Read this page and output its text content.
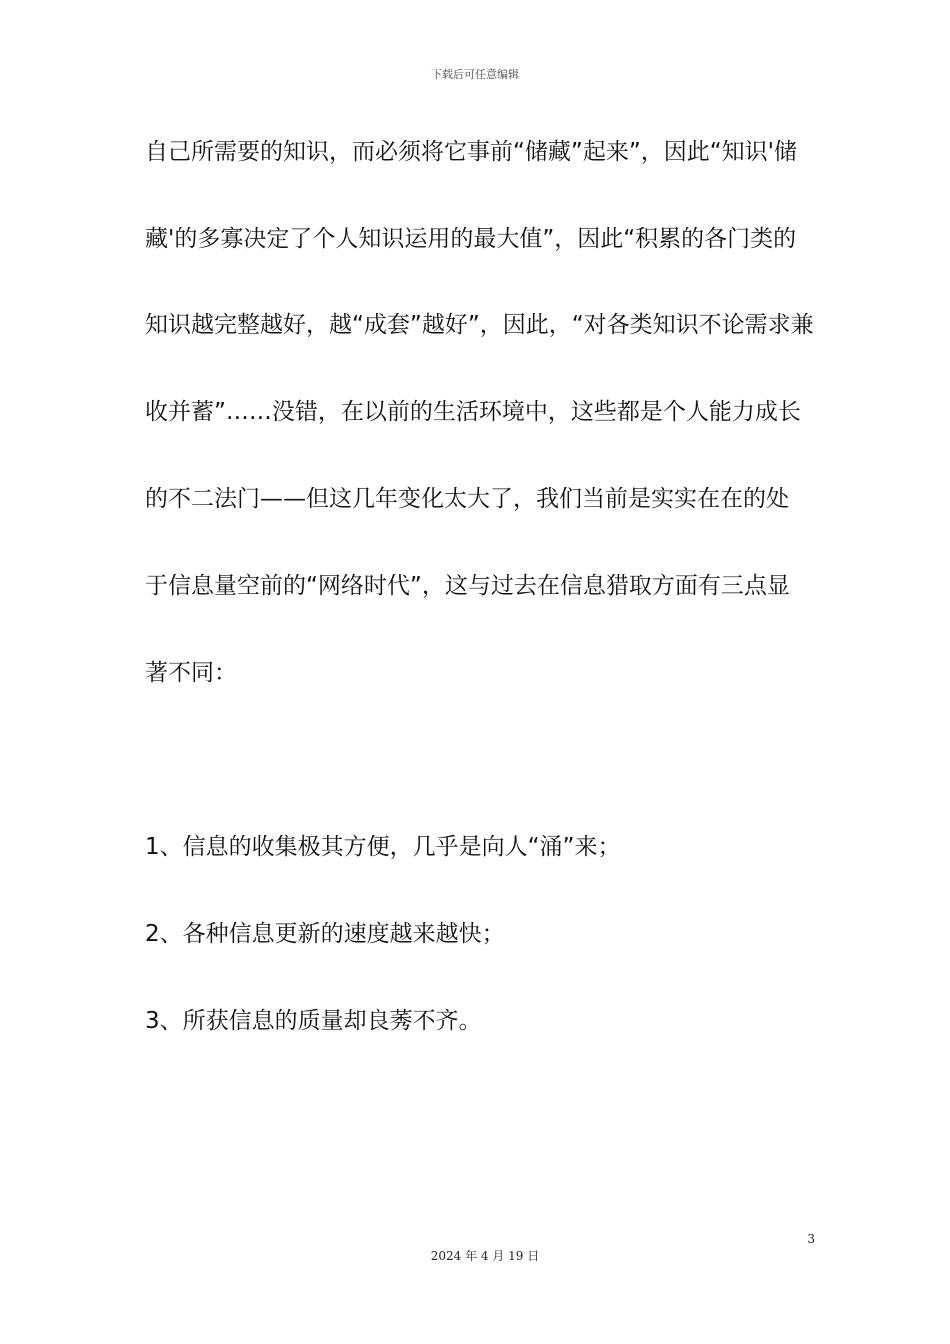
下载后可任意编辑
自己所需要的知识，而必须将它事前“储藏”起来”，因此“知识'储
藏'的多寡决定了个人知识运用的最大值”，因此“积累的各门类的
知识越完整越好，越“成套”越好”，因此，“对各类知识不论需求兼
收并蓄”……没错，在以前的生活环境中，这些都是个人能力成长
的不二法门——但这几年变化太大了，我们当前是实实在在的处
于信息量空前的“网络时代”，这与过去在信息猎取方面有三点显
著不同：
1、信息的收集极其方便，几乎是向人“涌”来；
2、各种信息更新的速度越来越快；
3、所获信息的质量却良莠不齐。
3
2024 年 4 月 19 日
